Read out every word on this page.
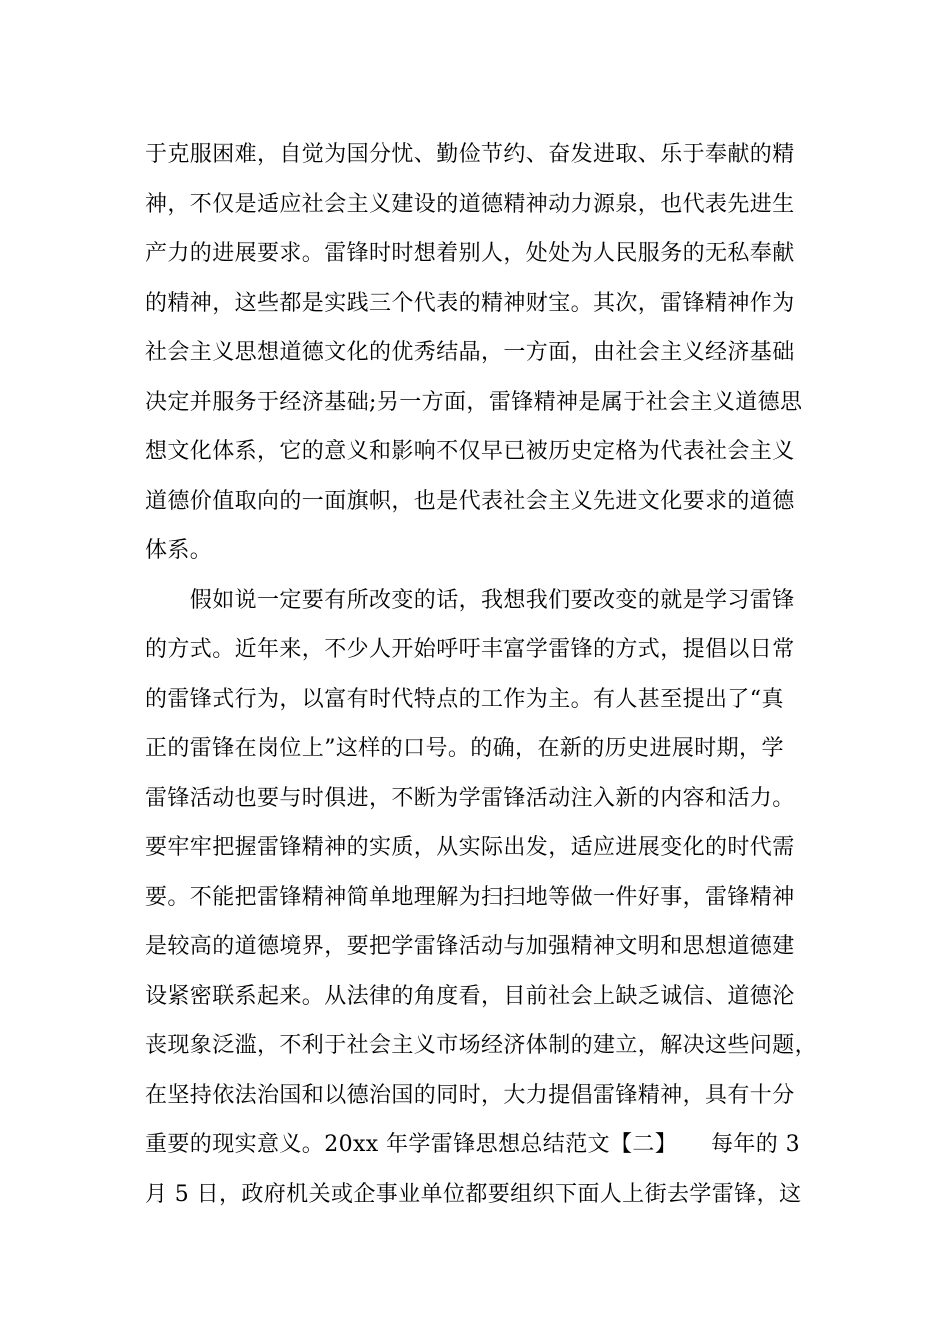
于克服困难，自觉为国分忧、勤俭节约、奋发进取、乐于奉献的精
神，不仅是适应社会主义建设的道德精神动力源泉，也代表先进生
产力的进展要求。雷锋时时想着别人，处处为人民服务的无私奉献
的精神，这些都是实践三个代表的精神财宝。其次，雷锋精神作为
社会主义思想道德文化的优秀结晶，一方面，由社会主义经济基础
决定并服务于经济基础;另一方面，雷锋精神是属于社会主义道德思
想文化体系，它的意义和影响不仅早已被历史定格为代表社会主义
道德价值取向的一面旗帜，也是代表社会主义先进文化要求的道德
体系。
　　假如说一定要有所改变的话，我想我们要改变的就是学习雷锋
的方式。近年来，不少人开始呼吁丰富学雷锋的方式，提倡以日常
的雷锋式行为，以富有时代特点的工作为主。有人甚至提出了“真
正的雷锋在岗位上”这样的口号。的确，在新的历史进展时期，学
雷锋活动也要与时俱进，不断为学雷锋活动注入新的内容和活力。
要牢牢把握雷锋精神的实质，从实际出发，适应进展变化的时代需
要。不能把雷锋精神简单地理解为扫扫地等做一件好事，雷锋精神
是较高的道德境界，要把学雷锋活动与加强精神文明和思想道德建
设紧密联系起来。从法律的角度看，目前社会上缺乏诚信、道德沦
丧现象泛滥，不利于社会主义市场经济体制的建立，解决这些问题，
在坚持依法治国和以德治国的同时，大力提倡雷锋精神，具有十分
重要的现实意义。20xx 年学雷锋思想总结范文【二】　　每年的 3
月 5 日，政府机关或企事业单位都要组织下面人上街去学雷锋，这
